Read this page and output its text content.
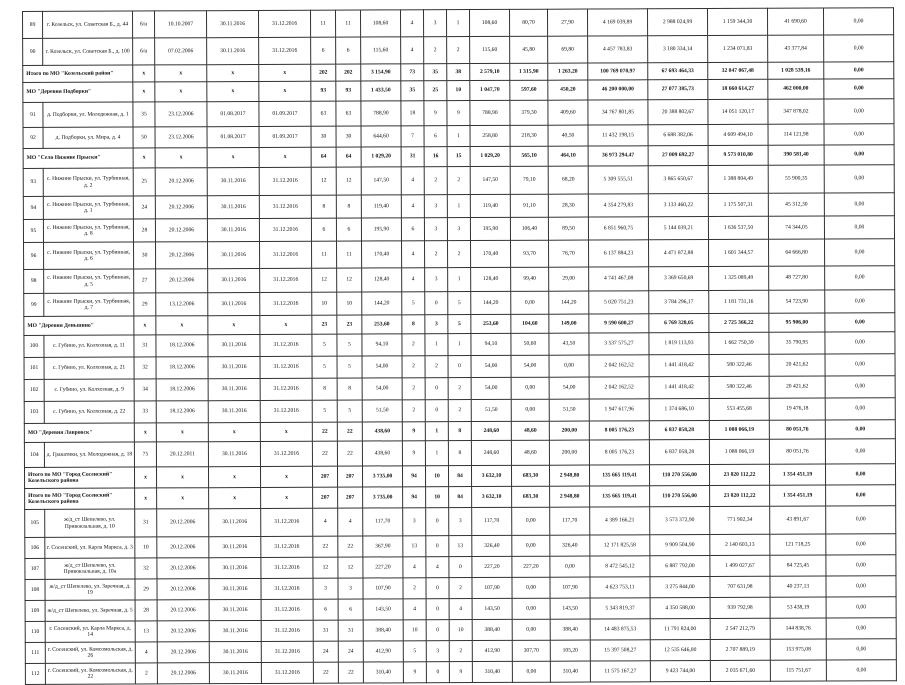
89	г. Козельск, ул. Советская Б., д. 44	б/н	10.10.2007	30.11.2016	31.12.2016	11	11	108,60	4	3	1	108,60	80,70	27,90	4 169 039,89	2 988 024,99	1 159 344,30	41 690,60	0,00
90	г. Козельск, ул. Советская Б., д. 100	б/н	07.02.2006	30.11.2016	31.12.2016	6	6	115,60	4	2	2	115,60	45,80	69,80	4 457 783,83	3 180 334,14	1 234 071,83	43 377,84	0,00
Итого по МО "Козельский район"		x	x	x	x	202	202	3 154,90	73	35	38	2 579,10	1 315,90	1 263,20	100 769 070,97	67 693 464,33	32 047 067,48	1 028 539,16	0,00
МО "Деревня Подборки"		x	x	x	x	93	93	1 433,50	35	25	10	1 047,70	597,60	450,20	46 200 000,00	27 077 385,73	18 660 614,27	462 000,00	0,00
91	д. Подборки, ул. Молодежная, д. 1	35	23.12.2006	01.08.2017	01.09.2017	63	63	788,90	18	9	9	788,90	379,30	409,60	34 767 801,85	20 388 802,67	14 051 120,17	347 878,02	0,00
92	д. Подборки, ул. Мира, д. 4	50	23.12.2006	01.08.2017	01.09.2017	30	30	644,60	7	6	1	258,80	218,30	40,50	11 432 198,15	6 688 382,06	4 609 494,10	114 121,98	0,00
МО "Село Нижние Прыски"		x	x	x	x	64	64	1 029,20	31	16	15	1 029,20	565,10	464,10	36 973 294,47	27 009 692,27	9 573 010,80	390 581,40	0,00
93	с. Нижние Прыски, ул. Турбинная, д. 2	25	20.12.2006	30.11.2016	31.12.2016	12	12	147,50	4	2	2	147,50	79,10	68,20	5 309 555,51	3 865 650,67	1 388 804,49	55 900,35	0,00
94	с. Нижние Прыски, ул. Турбинная, д. 1	24	20.12.2006	30.11.2016	31.12.2016	8	8	119,40	4	3	1	119,40	91,10	28,30	4 354 279,83	3 133 460,22	1 175 507,31	45 312,30	0,00
95	с. Нижние Прыски, ул. Турбинная, д. 8	28	20.12.2006	30.11.2016	31.12.2016	6	6	195,90	6	3	3	195,90	106,40	89,50	6 851 960,75	5 144 039,21	1 636 537,50	74 344,05	0,00
96	с. Нижние Прыски, ул. Турбинная, д. 6	30	20.12.2006	30.11.2016	31.12.2016	11	11	170,40	4	2	2	170,40	93,70	76,70	6 137 884,23	4 471 872,88	1 601 344,57	64 666,80	0,00
98	с. Нижние Прыски, ул. Турбинная, д. 5	27	20.12.2006	30.11.2016	31.12.2016	12	12	128,40	4	3	1	128,40	99,40	29,00	4 741 467,08	3 369 650,69	1 325 089,49	48 727,80	0,00
99	с. Нижние Прыски, ул. Турбинная, д. 7	29	13.12.2006	30.11.2016	31.12.2016	10	10	144,20	5	0	5	144,20	0,00	144,20	5 020 751,23	3 784 296,17	1 181 731,16	54 723,90	0,00
МО "Деревня Деньшино"		x	x	x	x	23	23	253,60	8	3	5	253,60	104,60	149,00	9 590 600,27	6 769 328,05	2 725 366,22	95 906,00	0,00
100	с. Губино, ул. Колхозная, д. 11	31	18.12.2006	30.11.2016	31.12.2016	5	5	94,10	2	1	1	94,10	50,60	43,50	3 537 575,27	1 819 113,93	1 662 750,39	35 790,95	0,00
101	с. Губино, ул. Колхозная, д. 21	32	18.12.2006	30.11.2016	31.12.2016	5	5	54,00	2	2	0	54,00	54,00	0,00	2 042 162,52	1 441 418,42	580 322,46	20 421,62	0,00
102	с. Губино, ул. Колхозная, д. 9	34	18.12.2006	30.11.2016	31.12.2016	8	8	54,00	2	0	2	54,00	0,00	54,00	2 042 162,52	1 441 418,42	580 322,46	20 421,62	0,00
103	с. Губино, ул. Колхозная, д. 22	33	18.12.2006	30.11.2016	31.12.2016	5	5	51,50	2	0	2	51,50	0,00	51,50	1 947 617,96	1 374 686,10	553 455,68	19 476,18	0,00
МО "Деревня Лавровск"		x	x	x	x	22	22	438,60	9	1	8	248,60	48,60	200,00	8 005 176,23	6 837 058,28	1 088 066,19	80 051,76	0,00
104	д. Гранатики, ул. Молодежная, д. 18	75	20.12.2011	30.11.2016	31.12.2016	22	22	438,60	9	1	8	248,60	48,60	200,00	8 005 176,23	6 837 058,28	1 088 066,19	80 051,76	0,00
Итого по МО "Город Сосенский" Козельского района		x	x	x	x	207	207	3 735,00	94	10	84	3 632,10	683,30	2 948,80	135 665 119,41	110 270 556,00	23 820 112,22	1 354 451,19	0,00
Итого по МО "Город Сосенский" Козельского района		x	x	x	x	207	207	3 735,00	94	10	84	3 632,10	683,30	2 948,80	135 665 119,41	110 270 556,00	23 820 112,22	1 354 451,19	0,00
105	ж/д_ст Шепелево, ул. Привокзальная, д. 10	31	20.12.2006	30.11.2016	31.12.2016	4	4	117,70	3	0	3	117,70	0,00	117,70	4 389 166,21	3 573 372,90	771 902,34	43 891,67	0,00
106	г. Сосенский, ул. Карла Маркса, д. 3	10	20.12.2006	30.11.2016	31.12.2016	22	22	367,90	13	0	13	326,40	0,00	326,40	12 171 825,58	9 909 504,90	2 140 603,13	121 718,25	0,00
107	ж/д_ст Шепелево, ул. Привокзальная, д. 10а	32	20.12.2006	30.11.2016	31.12.2016	12	12	227,20	4	4	0	227,20	227,20	0,00	8 472 545,12	6 887 792,00	1 499 027,67	84 725,45	0,00
108	ж/д_ст Шепелево, ул. Заречная, д. 19	29	20.12.2006	30.11.2016	31.12.2016	3	3	107,90	2	0	2	107,90	0,00	107,90	4 623 753,11	3 275 844,00	707 631,98	40 237,13	0,00
109	ж/д_ст Шепелево, ул. Заречная, д. 5	28	20.12.2006	30.11.2016	31.12.2016	6	6	143,50	4	0	4	143,50	0,00	143,50	5 343 819,37	4 350 588,00	939 792,98	53 438,19	0,00
110	г. Сосенский, ул. Карла Маркса, д. 14	13	20.12.2006	30.11.2016	31.12.2016	31	31	388,40	10	0	10	388,40	0,00	388,40	14 483 875,53	11 791 824,00	2 547 212,79	144 838,76	0,00
111	г. Сосенский, ул. Комсомольская, д. 26	4	20.12.2006	30.11.2016	31.12.2016	24	24	412,90	5	3	2	412,90	307,70	105,20	15 397 508,27	12 535 646,00	2 707 889,19	153 975,08	0,00
112	г. Сосенский, ул. Комсомольская, д. 22	2	20.12.2006	30.11.2016	31.12.2016	22	22	310,40	9	0	9	310,40	0,00	310,40	11 575 167,27	9 423 744,00	2 035 671,60	115 751,67	0,00
